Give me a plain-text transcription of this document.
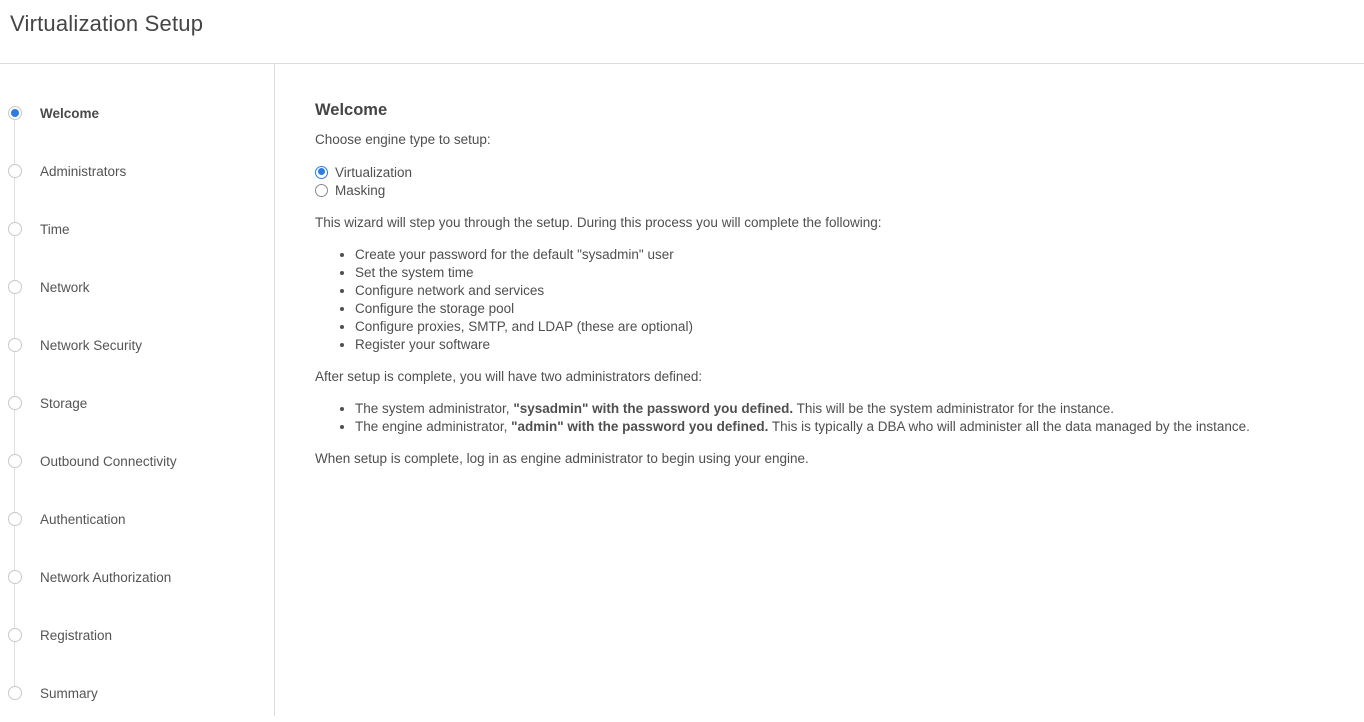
Virtualization Setup
Welcome
Administrators
Time
Network
Network Security
Storage
Outbound Connectivity
Authentication
Network Authorization
Registration
Summary
Welcome

Choose engine type to setup:

Virtualization
Masking

This wizard will step you through the setup. During this process you will complete the following:

• Create your password for the default "sysadmin" user
• Set the system time
• Configure network and services
• Configure the storage pool
• Configure proxies, SMTP, and LDAP (these are optional)
• Register your software

After setup is complete, you will have two administrators defined:

• The system administrator, "sysadmin" with the password you defined. This will be the system administrator for the instance.
• The engine administrator, "admin" with the password you defined. This is typically a DBA who will administer all the data managed by the instance.

When setup is complete, log in as engine administrator to begin using your engine.
